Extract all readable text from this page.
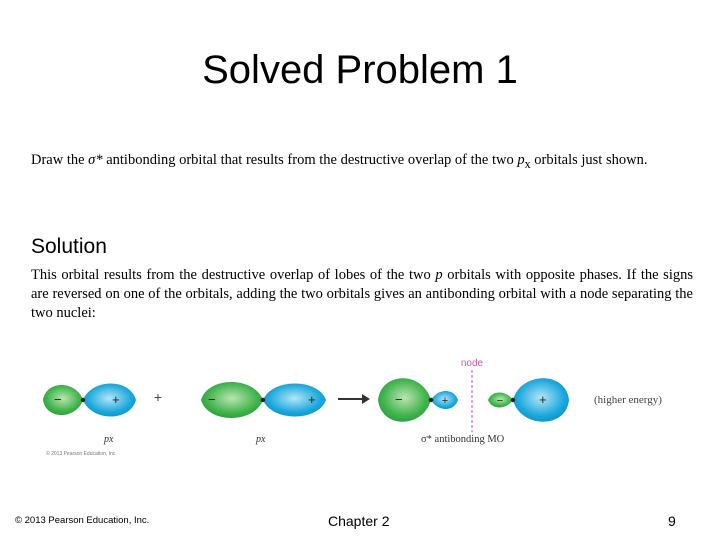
Solved Problem 1
Draw the σ* antibonding orbital that results from the destructive overlap of the two $p_x$ orbitals just shown.
Solution
This orbital results from the destructive overlap of lobes of the two p orbitals with opposite phases. If the signs are reversed on one of the orbitals, adding the two orbitals gives an antibonding orbital with a node separating the two nuclei:
−	+ +	−	+	−	+	−	+
node
(higher energy)
px	px	σ* antibonding MO
© 2013 Pearson Education, Inc.
© 2013 Pearson Education, Inc.	Chapter 2	9
